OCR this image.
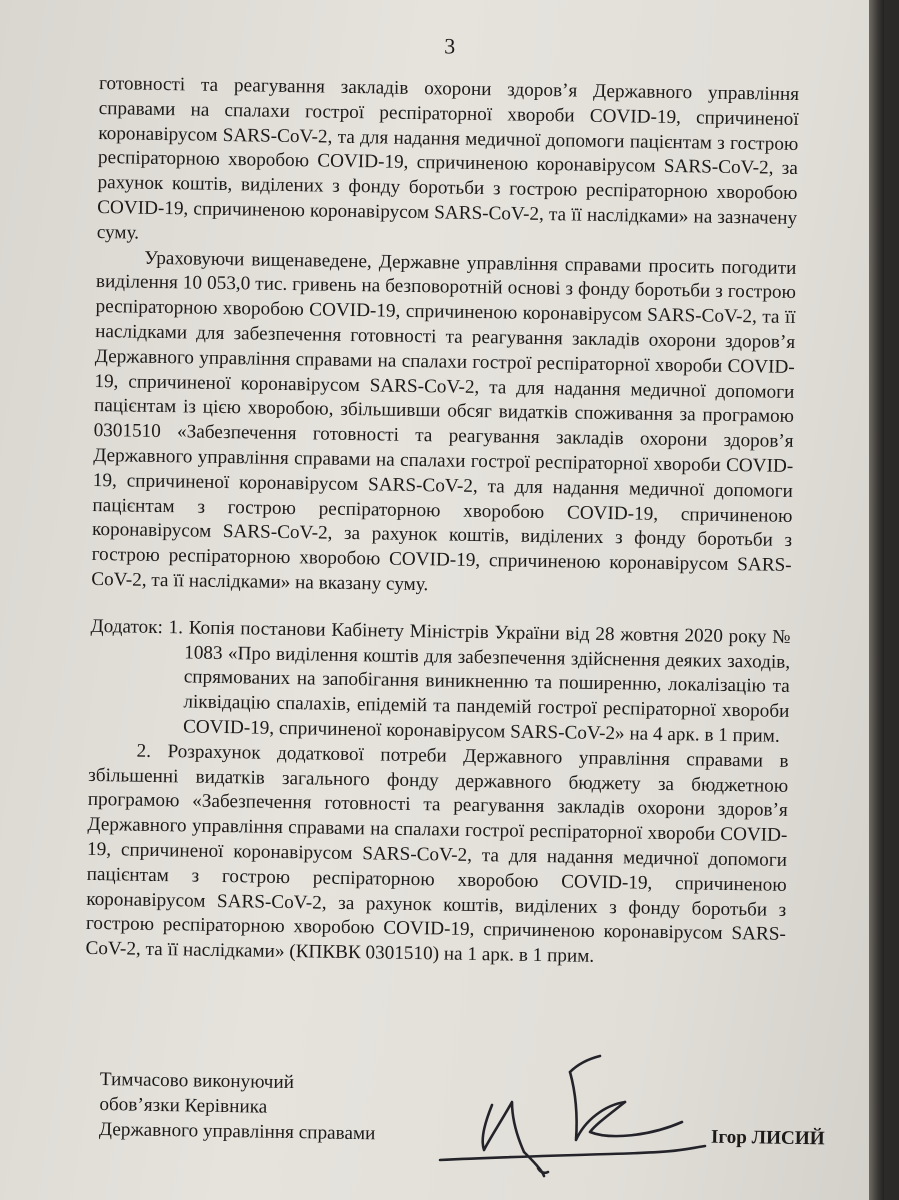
3

готовності та реагування закладів охорони здоров’я Державного управління справами на спалахи гострої респіраторної хвороби COVID-19, спричиненої коронавірусом SARS-CoV-2, та для надання медичної допомоги пацієнтам з гострою респіраторною хворобою COVID-19, спричиненою коронавірусом SARS-CoV-2, за рахунок коштів, виділених з фонду боротьби з гострою респіраторною хворобою COVID-19, спричиненою коронавірусом SARS-CoV-2, та її наслідками» на зазначену суму.

Ураховуючи вищенаведене, Державне управління справами просить погодити виділення 10 053,0 тис. гривень на безповоротній основі з фонду боротьби з гострою респіраторною хворобою COVID-19, спричиненою коронавірусом SARS-CoV-2, та її наслідками для забезпечення готовності та реагування закладів охорони здоров’я Державного управління справами на спалахи гострої респіраторної хвороби COVID-19, спричиненої коронавірусом SARS-CoV-2, та для надання медичної допомоги пацієнтам із цією хворобою, збільшивши обсяг видатків споживання за програмою 0301510 «Забезпечення готовності та реагування закладів охорони здоров’я Державного управління справами на спалахи гострої респіраторної хвороби COVID-19, спричиненої коронавірусом SARS-CoV-2, та для надання медичної допомоги пацієнтам з гострою респіраторною хворобою COVID-19, спричиненою коронавірусом SARS-CoV-2, за рахунок коштів, виділених з фонду боротьби з гострою респіраторною хворобою COVID-19, спричиненою коронавірусом SARS-CoV-2, та її наслідками» на вказану суму.

Додаток: 1. Копія постанови Кабінету Міністрів України від 28 жовтня 2020 року № 1083 «Про виділення коштів для забезпечення здійснення деяких заходів, спрямованих на запобігання виникненню та поширенню, локалізацію та ліквідацію спалахів, епідемій та пандемій гострої респіраторної хвороби COVID-19, спричиненої коронавірусом SARS-CoV-2» на 4 арк. в 1 прим.

2. Розрахунок додаткової потреби Державного управління справами в збільшенні видатків загального фонду державного бюджету за бюджетною програмою «Забезпечення готовності та реагування закладів охорони здоров’я Державного управління справами на спалахи гострої респіраторної хвороби COVID-19, спричиненої коронавірусом SARS-CoV-2, та для надання медичної допомоги пацієнтам з гострою респіраторною хворобою COVID-19, спричиненою коронавірусом SARS-CoV-2, за рахунок коштів, виділених з фонду боротьби з гострою респіраторною хворобою COVID-19, спричиненою коронавірусом SARS-CoV-2, та її наслідками» (КПКВК 0301510) на 1 арк. в 1 прим.

Тимчасово виконуючий

обов’язки Керівника

Державного управління справами	Ігор ЛИСИЙ
